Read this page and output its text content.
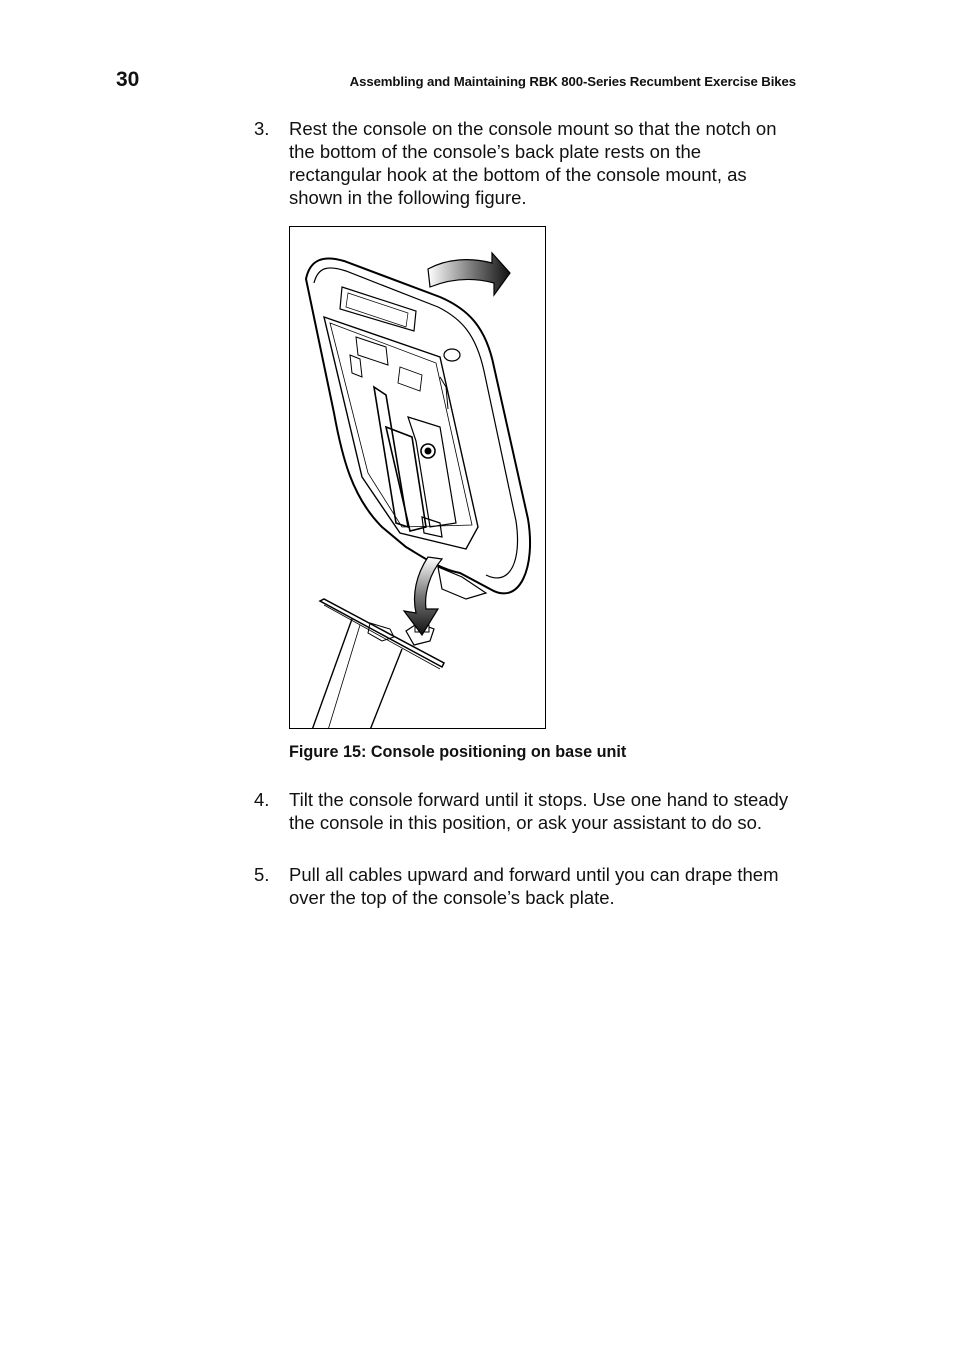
30	Assembling and Maintaining RBK 800-Series Recumbent Exercise Bikes
3.	Rest the console on the console mount so that the notch on the bottom of the console’s back plate rests on the rectangular hook at the bottom of the console mount, as shown in the following figure.
Figure 15: Console positioning on base unit
4.	Tilt the console forward until it stops. Use one hand to steady the console in this position, or ask your assistant to do so.
5.	Pull all cables upward and forward until you can drape them over the top of the console’s back plate.
